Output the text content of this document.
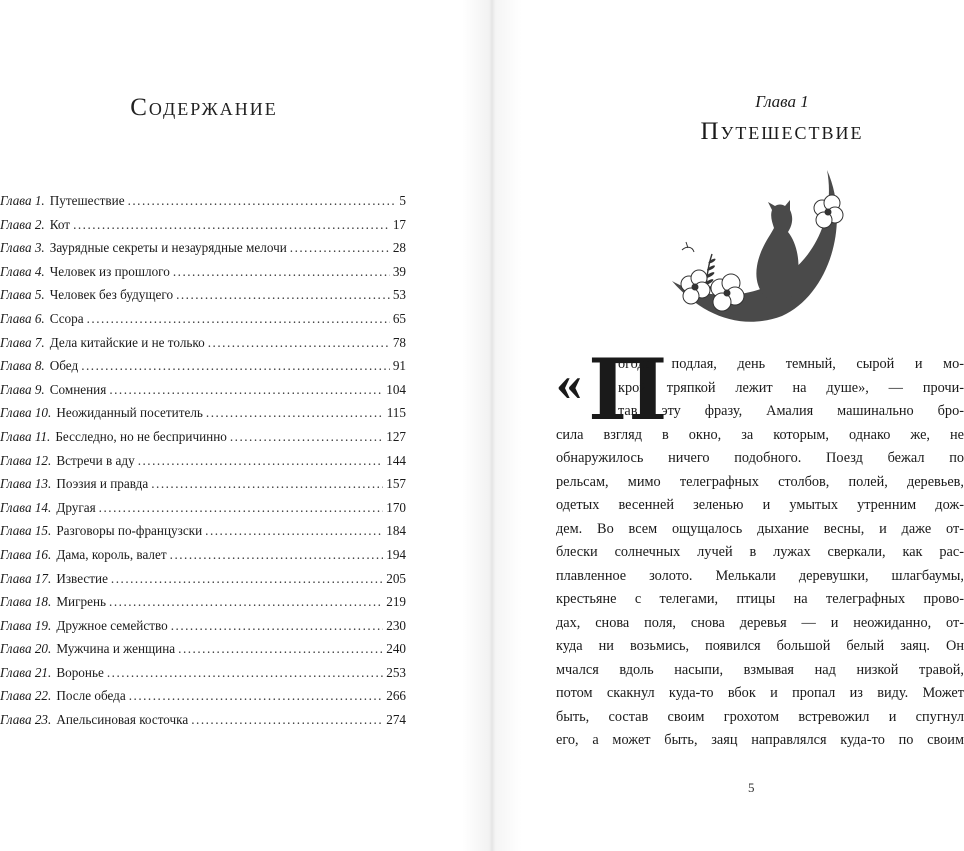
Содержание
Глава 1. Путешествие .....	5
Глава 2. Кот .....	17
Глава 3. Заурядные секреты и незаурядные мелочи .....	28
Глава 4. Человек из прошлого .....	39
Глава 5. Человек без будущего .....	53
Глава 6. Ссора .....	65
Глава 7. Дела китайские и не только .....	78
Глава 8. Обед .....	91
Глава 9. Сомнения .....	104
Глава 10. Неожиданный посетитель .....	115
Глава 11. Бесследно, но не беспричинно .....	127
Глава 12. Встречи в аду .....	144
Глава 13. Поэзия и правда .....	157
Глава 14. Другая .....	170
Глава 15. Разговоры по-французски .....	184
Глава 16. Дама, король, валет .....	194
Глава 17. Известие .....	205
Глава 18. Мигрень .....	219
Глава 19. Дружное семейство .....	230
Глава 20. Мужчина и женщина .....	240
Глава 21. Воронье .....	253
Глава 22. После обеда .....	266
Глава 23. Апельсиновая косточка .....	274
Глава 1
Путешествие
« П
огода подлая, день темный, сырой и мо-
крой тряпкой лежит на душе», — прочи-
тав эту фразу, Амалия машинально бро-
сила взгляд в окно, за которым, однако же, не
обнаружилось ничего подобного. Поезд бежал по
рельсам, мимо телеграфных столбов, полей, деревьев,
одетых весенней зеленью и умытых утренним дож-
дем. Во всем ощущалось дыхание весны, и даже от-
блески солнечных лучей в лужах сверкали, как рас-
плавленное золото. Мелькали деревушки, шлагбаумы,
крестьяне с телегами, птицы на телеграфных прово-
дах, снова поля, снова деревья — и неожиданно, от-
куда ни возьмись, появился большой белый заяц. Он
мчался вдоль насыпи, взмывая над низкой травой,
потом скакнул куда-то вбок и пропал из виду. Может
быть, состав своим грохотом встревожил и спугнул
его, а может быть, заяц направлялся куда-то по своим
5
